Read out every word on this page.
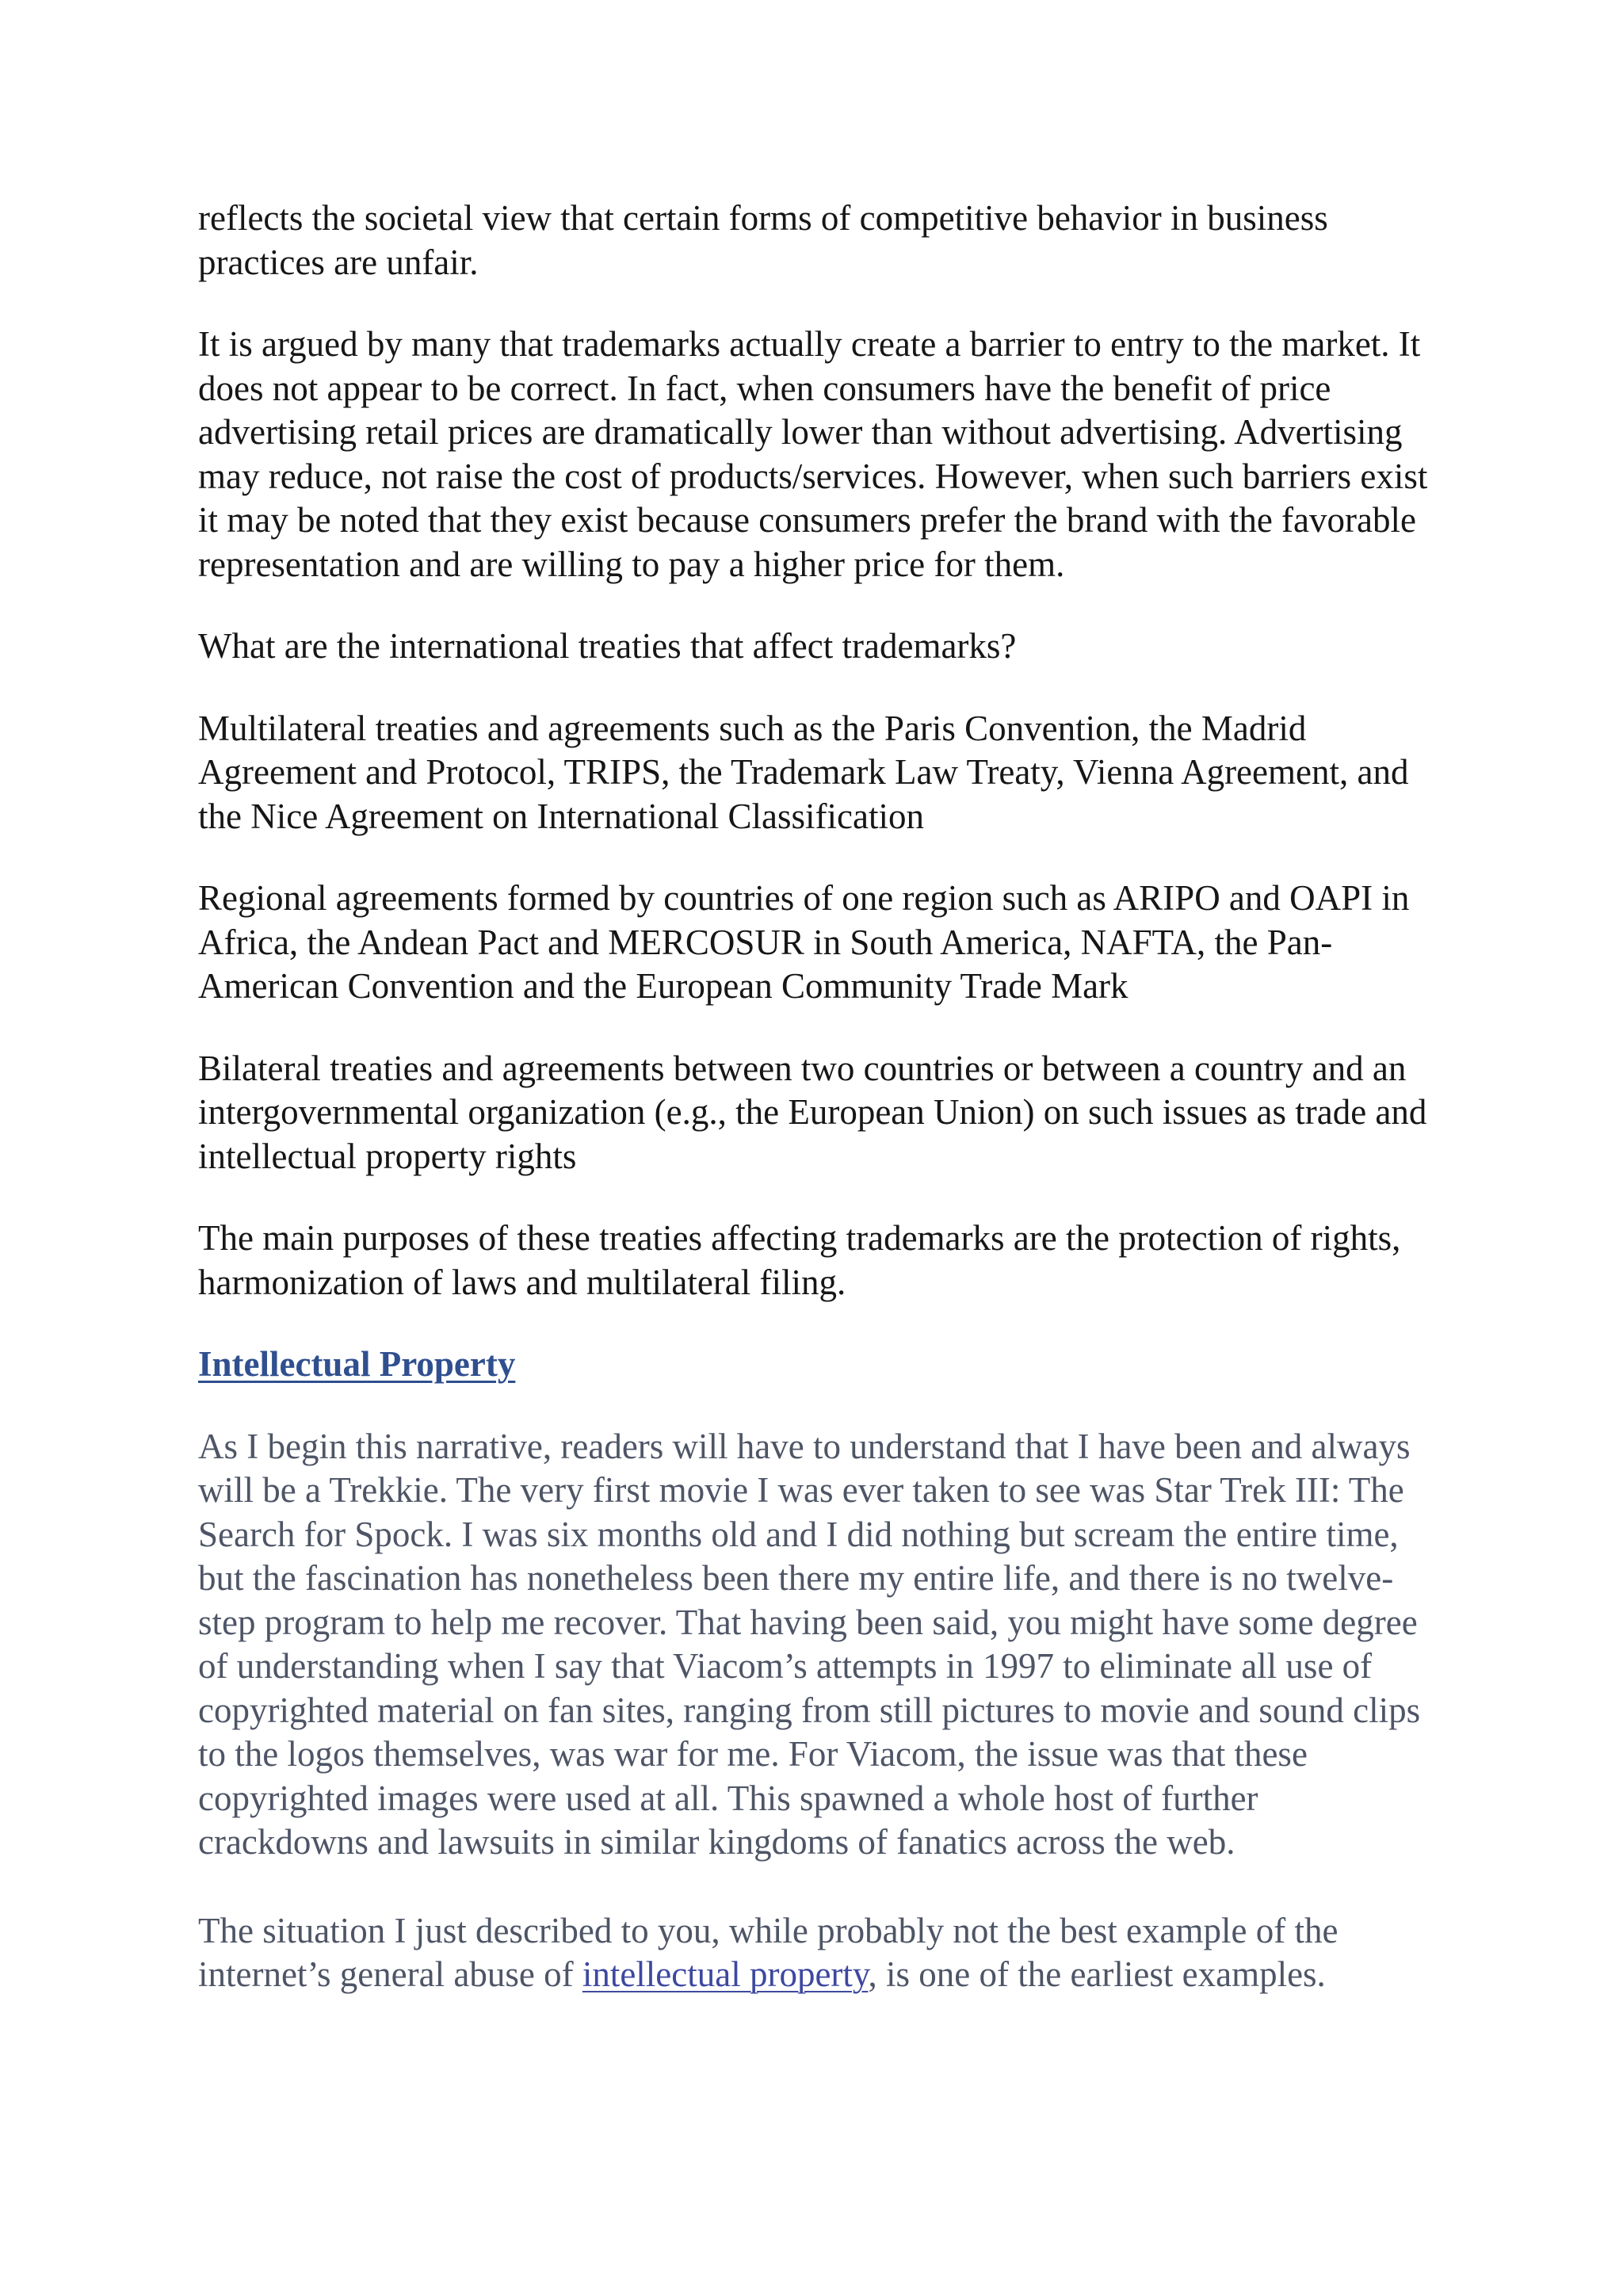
reflects the societal view that certain forms of competitive behavior in business practices are unfair.

It is argued by many that trademarks actually create a barrier to entry to the market. It does not appear to be correct. In fact, when consumers have the benefit of price advertising retail prices are dramatically lower than without advertising. Advertising may reduce, not raise the cost of products/services. However, when such barriers exist it may be noted that they exist because consumers prefer the brand with the favorable representation and are willing to pay a higher price for them.

What are the international treaties that affect trademarks?

Multilateral treaties and agreements such as the Paris Convention, the Madrid Agreement and Protocol, TRIPS, the Trademark Law Treaty, Vienna Agreement, and the Nice Agreement on International Classification

Regional agreements formed by countries of one region such as ARIPO and OAPI in Africa, the Andean Pact and MERCOSUR in South America, NAFTA, the Pan-American Convention and the European Community Trade Mark

Bilateral treaties and agreements between two countries or between a country and an intergovernmental organization (e.g., the European Union) on such issues as trade and intellectual property rights

The main purposes of these treaties affecting trademarks are the protection of rights, harmonization of laws and multilateral filing.

Intellectual Property

As I begin this narrative, readers will have to understand that I have been and always will be a Trekkie. The very first movie I was ever taken to see was Star Trek III: The Search for Spock. I was six months old and I did nothing but scream the entire time, but the fascination has nonetheless been there my entire life, and there is no twelve-step program to help me recover. That having been said, you might have some degree of understanding when I say that Viacom’s attempts in 1997 to eliminate all use of copyrighted material on fan sites, ranging from still pictures to movie and sound clips to the logos themselves, was war for me. For Viacom, the issue was that these copyrighted images were used at all. This spawned a whole host of further crackdowns and lawsuits in similar kingdoms of fanatics across the web.

The situation I just described to you, while probably not the best example of the internet’s general abuse of intellectual property, is one of the earliest examples.
